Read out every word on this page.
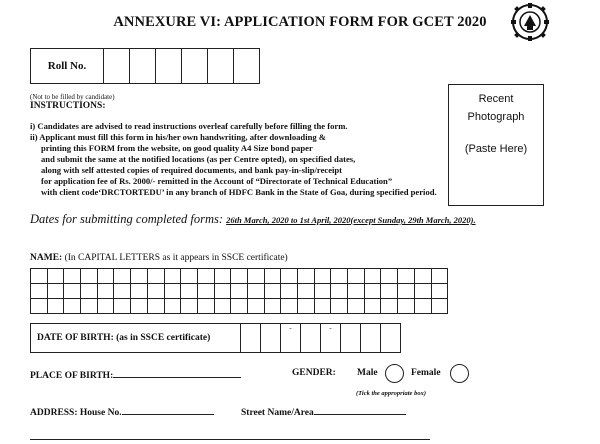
ANNEXURE VI: APPLICATION FORM FOR GCET 2020
Roll No.
Recent
Photograph
(Paste Here)
(Not to be filled by candidate)
INSTRUCTIONS:
i) Candidates are advised to read instructions overleaf carefully before filling the form.
ii) Applicant must fill this form in his/her own handwriting, after downloading &
printing this FORM from the website, on good quality A4 Size bond paper
and submit the same at the notified locations (as per Centre opted), on specified dates,
along with self attested copies of required documents, and bank pay-in-slip/receipt
for application fee of Rs. 2000/- remitted in the Account of “Directorate of Technical Education”
with client code‘DRCTORTEDU’ in any branch of HDFC Bank in the State of Goa, during specified period.
Dates for submitting completed forms: 26th March, 2020 to 1st April, 2020(except Sunday, 29th March, 2020).
NAME: (In CAPITAL LETTERS as it appears in SSCE certificate)
DATE OF BIRTH: (as in SSCE certificate)
-	-
PLACE OF BIRTH:	GENDER: Male	Female
(Tick the appropriate box)
ADDRESS: House No.	Street Name/Area
